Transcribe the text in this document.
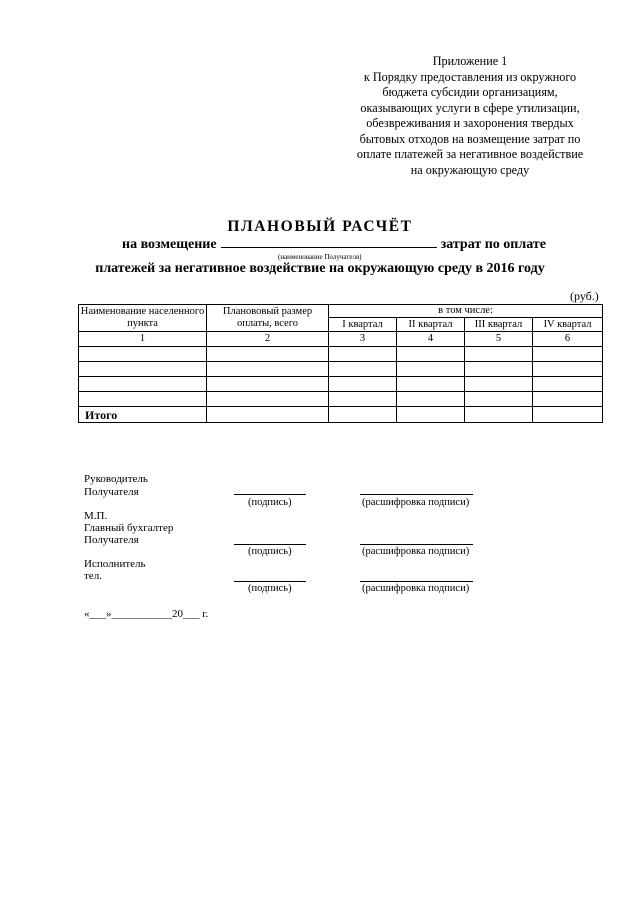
Приложение 1
к Порядку предоставления из окружного
бюджета субсидии организациям,
оказывающих услуги в сфере утилизации,
обезвреживания и захоронения твердых
бытовых отходов на возмещение затрат по
оплате платежей за негативное воздействие
на окружающую среду
ПЛАНОВЫЙ РАСЧЁТ
на возмещение	затрат по оплате
(наименование Получателя)
платежей за негативное воздействие на окружающую среду в 2016 году
(руб.)
Наименование населенного пункта	Планововый размер оплаты, всего	в том числе:			
		I квартал	II квартал	III квартал	IV квартал
1	2	3	4	5	6

Итого					
Руководитель
Получателя
(подпись)	(расшифровка подписи)
М.П.
Главный бухгалтер
Получателя
(подпись)	(расшифровка подписи)
Исполнитель
тел.
(подпись)	(расшифровка подписи)
«___»___________20___ г.
